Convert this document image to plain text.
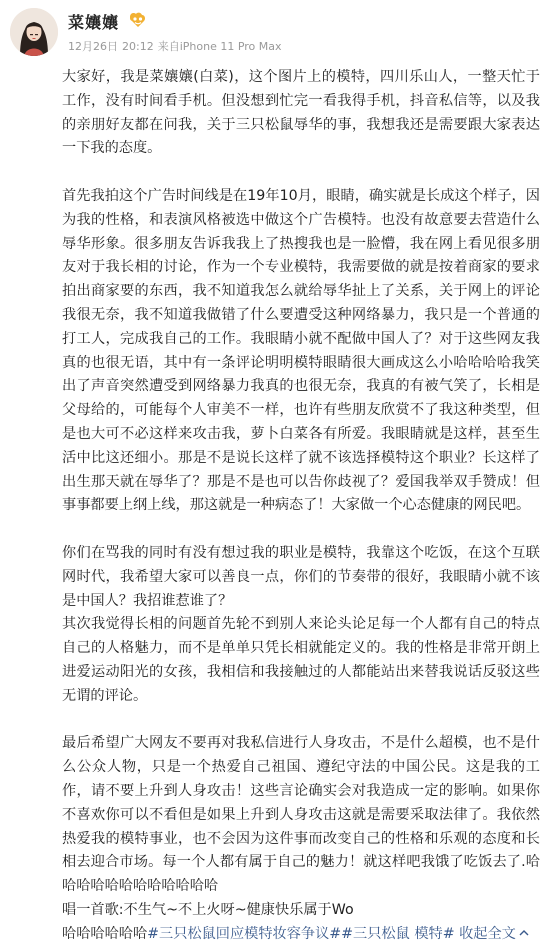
菜孃孃
12月26日 20:12 来自iPhone 11 Pro Max

大家好，我是菜孃孃(白菜)，这个图片上的模特，四川乐山人，一整天忙于工作，没有时间看手机。但没想到忙完一看我得手机，抖音私信等，以及我的亲朋好友都在问我，关于三只松鼠辱华的事，我想我还是需要跟大家表达一下我的态度。

首先我拍这个广告时间线是在19年10月，眼睛，确实就是长成这个样子，因为我的性格，和表演风格被选中做这个广告模特。也没有故意要去营造什么辱华形象。很多朋友告诉我我上了热搜我也是一脸懵，我在网上看见很多朋友对于我长相的讨论，作为一个专业模特，我需要做的就是按着商家的要求拍出商家要的东西，我不知道我怎么就给辱华扯上了关系，关于网上的评论我很无奈，我不知道我做错了什么要遭受这种网络暴力，我只是一个普通的打工人，完成我自己的工作。我眼睛小就不配做中国人了？对于这些网友我真的也很无语，其中有一条评论明明模特眼睛很大画成这么小哈哈哈哈我笑出了声音突然遭受到网络暴力我真的也很无奈，我真的有被气笑了，长相是父母给的，可能每个人审美不一样，也许有些朋友欣赏不了我这种类型，但是也大可不必这样来攻击我，萝卜白菜各有所爱。我眼睛就是这样，甚至生活中比这还细小。那是不是说长这样了就不该选择模特这个职业？长这样了出生那天就在辱华了？那是不是也可以告你歧视了？爱国我举双手赞成！但事事都要上纲上线，那这就是一种病态了！大家做一个心态健康的网民吧。

你们在骂我的同时有没有想过我的职业是模特，我靠这个吃饭，在这个互联网时代，我希望大家可以善良一点，你们的节奏带的很好，我眼睛小就不该是中国人？我招谁惹谁了？

其次我觉得长相的问题首先轮不到别人来论头论足每一个人都有自己的特点自己的人格魅力，而不是单单只凭长相就能定义的。我的性格是非常开朗上进爱运动阳光的女孩，我相信和我接触过的人都能站出来替我说话反驳这些无谓的评论。

最后希望广大网友不要再对我私信进行人身攻击，不是什么超模，也不是什么公众人物，只是一个热爱自己祖国、遵纪守法的中国公民。这是我的工作，请不要上升到人身攻击！这些言论确实会对我造成一定的影响。如果你不喜欢你可以不看但是如果上升到人身攻击这就是需要采取法律了。我依然热爱我的模特事业，也不会因为这件事而改变自己的性格和乐观的态度和长相去迎合市场。每一个人都有属于自己的魅力！就这样吧我饿了吃饭去了.哈哈哈哈哈哈哈哈哈哈哈哈

唱一首歌:不生气~不上火呀~健康快乐属于Wo

哈哈哈哈哈哈#三只松鼠回应模特妆容争议##三只松鼠 模特# 收起全文
